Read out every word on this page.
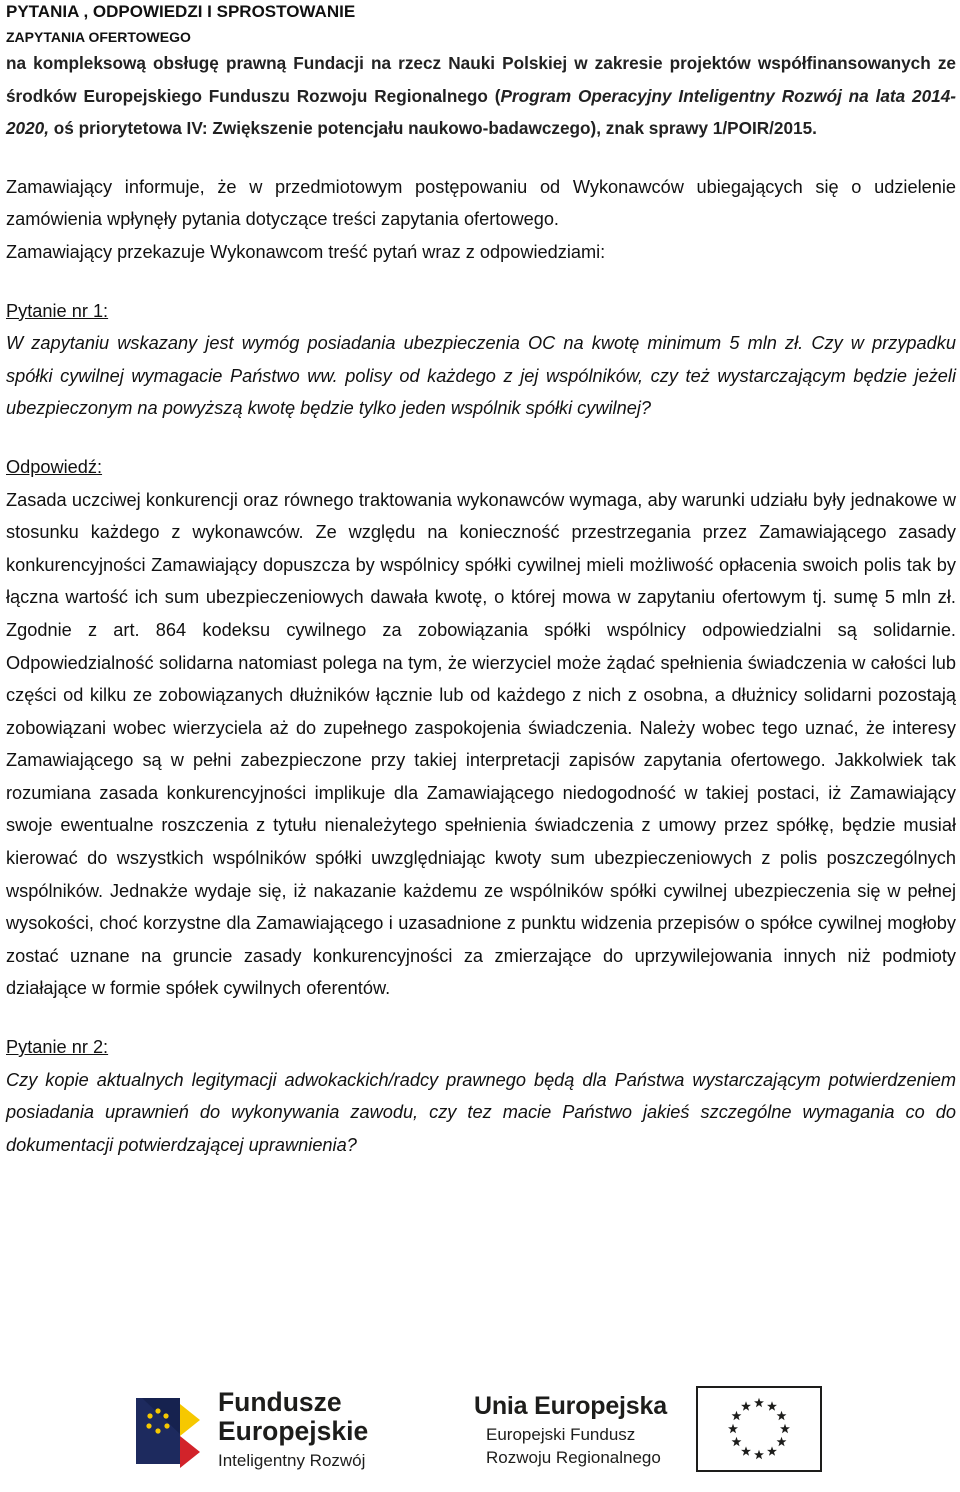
PYTANIA , ODPOWIEDZI I SPROSTOWANIE

ZAPYTANIA OFERTOWEGO

na kompleksową obsługę prawną Fundacji na rzecz Nauki Polskiej w zakresie projektów współfinansowanych ze środków Europejskiego Funduszu Rozwoju Regionalnego (Program Operacyjny Inteligentny Rozwój na lata 2014-2020, oś priorytetowa IV: Zwiększenie potencjału naukowo-badawczego), znak sprawy 1/POIR/2015.

Zamawiający informuje, że w przedmiotowym postępowaniu od Wykonawców ubiegających się o udzielenie zamówienia wpłynęły pytania dotyczące treści zapytania ofertowego.

Zamawiający przekazuje Wykonawcom treść pytań wraz z odpowiedziami:

Pytanie nr 1:

W zapytaniu wskazany jest wymóg posiadania ubezpieczenia OC na kwotę minimum 5 mln zł. Czy w przypadku spółki cywilnej wymagacie Państwo ww. polisy od każdego z jej wspólników, czy też wystarczającym będzie jeżeli ubezpieczonym na powyższą kwotę będzie tylko jeden wspólnik spółki cywilnej?

Odpowiedź:

Zasada uczciwej konkurencji oraz równego traktowania wykonawców wymaga, aby warunki udziału były jednakowe w stosunku każdego z wykonawców. Ze względu na konieczność przestrzegania przez Zamawiającego zasady konkurencyjności Zamawiający dopuszcza by wspólnicy spółki cywilnej mieli możliwość opłacenia swoich polis tak by łączna wartość ich sum ubezpieczeniowych dawała kwotę, o której mowa w zapytaniu ofertowym tj. sumę 5 mln zł. Zgodnie z art. 864 kodeksu cywilnego za zobowiązania spółki wspólnicy odpowiedzialni są solidarnie. Odpowiedzialność solidarna natomiast polega na tym, że wierzyciel może żądać spełnienia świadczenia w całości lub części od kilku ze zobowiązanych dłużników łącznie lub od każdego z nich z osobna, a dłużnicy solidarni pozostają zobowiązani wobec wierzyciela aż do zupełnego zaspokojenia świadczenia. Należy wobec tego uznać, że interesy Zamawiającego są w pełni zabezpieczone przy takiej interpretacji zapisów zapytania ofertowego. Jakkolwiek tak rozumiana zasada konkurencyjności implikuje dla Zamawiającego niedogodność w takiej postaci, iż Zamawiający swoje ewentualne roszczenia z tytułu nienależytego spełnienia świadczenia z umowy przez spółkę, będzie musiał kierować do wszystkich wspólników spółki uwzględniając kwoty sum ubezpieczeniowych z polis poszczególnych wspólników. Jednakże wydaje się, iż nakazanie każdemu ze wspólników spółki cywilnej ubezpieczenia się w pełnej wysokości, choć korzystne dla Zamawiającego i uzasadnione z punktu widzenia przepisów o spółce cywilnej mogłoby zostać uznane na gruncie zasady konkurencyjności za zmierzające do uprzywilejowania innych niż podmioty działające w formie spółek cywilnych oferentów.

Pytanie nr 2:

Czy kopie aktualnych legitymacji adwokackich/radcy prawnego będą dla Państwa wystarczającym potwierdzeniem posiadania uprawnień do wykonywania zawodu, czy tez macie Państwo jakieś szczególne wymagania co do dokumentacji potwierdzającej uprawnienia?

Fundusze
Europejskie

Inteligentny Rozwój

Unia Europejska

Europejski Fundusz

Rozwoju Regionalnego
